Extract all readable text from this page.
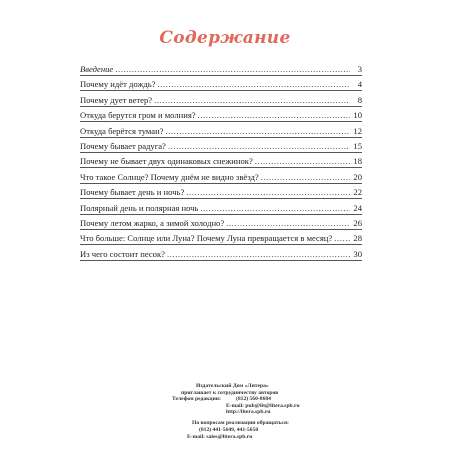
Содержание
Введение .....	3
Почему идёт дождь? .....	4
Почему дует ветер? .....	8
Откуда берутся гром и молния? .....	10
Откуда берётся туман? .....	12
Почему бывает радуга? .....	15
Почему не бывает двух одинаковых снежинок? .....	18
Что такое Солнце? Почему днём не видно звёзд? .....	20
Почему бывает день и ночь? .....	22
Полярный день и полярная ночь .....	24
Почему летом жарко, а зимой холодно? .....	26
Что больше: Солнце или Луна? Почему Луна превращается в месяц? ..... 28
Из чего состоит песок? .....	30
Издательский Дом «Литера»
приглашает к сотрудничеству авторов
Телефон редакции:	(812) 560-8684
E-mail: pub@lit@litera.spb.ru
http://litera.spb.ru
По вопросам реализации обращаться:
(812) 441-5649, 441-5650
E-mail: sales@litera.spb.ru
